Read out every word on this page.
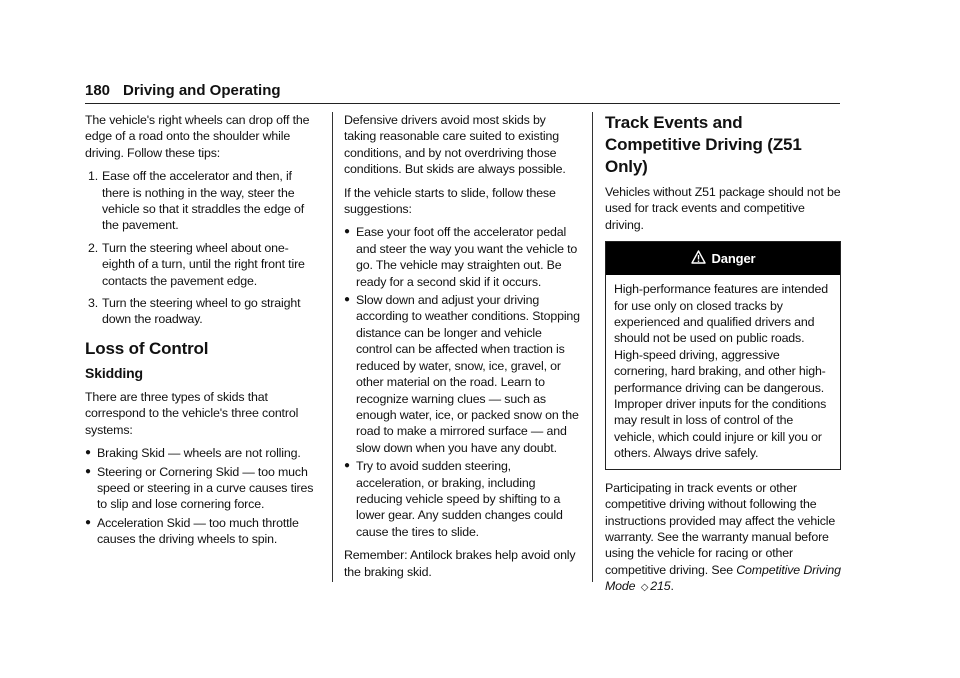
180 Driving and Operating

The vehicle's right wheels can drop off the edge of a road onto the shoulder while driving. Follow these tips:

1. Ease off the accelerator and then, if there is nothing in the way, steer the vehicle so that it straddles the edge of the pavement.
2. Turn the steering wheel about one-eighth of a turn, until the right front tire contacts the pavement edge.
3. Turn the steering wheel to go straight down the roadway.
Loss of Control
Skidding

There are three types of skids that correspond to the vehicle's three control systems:

● Braking Skid — wheels are not rolling.
● Steering or Cornering Skid — too much speed or steering in a curve causes tires to slip and lose cornering force.
● Acceleration Skid — too much throttle causes the driving wheels to spin.

Defensive drivers avoid most skids by taking reasonable care suited to existing conditions, and by not overdriving those conditions. But skids are always possible.

If the vehicle starts to slide, follow these suggestions:

● Ease your foot off the accelerator pedal and steer the way you want the vehicle to go. The vehicle may straighten out. Be ready for a second skid if it occurs.
● Slow down and adjust your driving according to weather conditions. Stopping distance can be longer and vehicle control can be affected when traction is reduced by water, snow, ice, gravel, or other material on the road. Learn to recognize warning clues — such as enough water, ice, or packed snow on the road to make a mirrored surface — and slow down when you have any doubt.
● Try to avoid sudden steering, acceleration, or braking, including reducing vehicle speed by shifting to a lower gear. Any sudden changes could cause the tires to slide.

Remember: Antilock brakes help avoid only the braking skid.

Track Events and Competitive Driving (Z51 Only)

Vehicles without Z51 package should not be used for track events and competitive driving.

Danger
High-performance features are intended for use only on closed tracks by experienced and qualified drivers and should not be used on public roads. High-speed driving, aggressive cornering, hard braking, and other high-performance driving can be dangerous. Improper driver inputs for the conditions may result in loss of control of the vehicle, which could injure or kill you or others. Always drive safely.

Participating in track events or other competitive driving without following the instructions provided may affect the vehicle warranty. See the warranty manual before using the vehicle for racing or other competitive driving. See Competitive Driving Mode ◇ 215.
